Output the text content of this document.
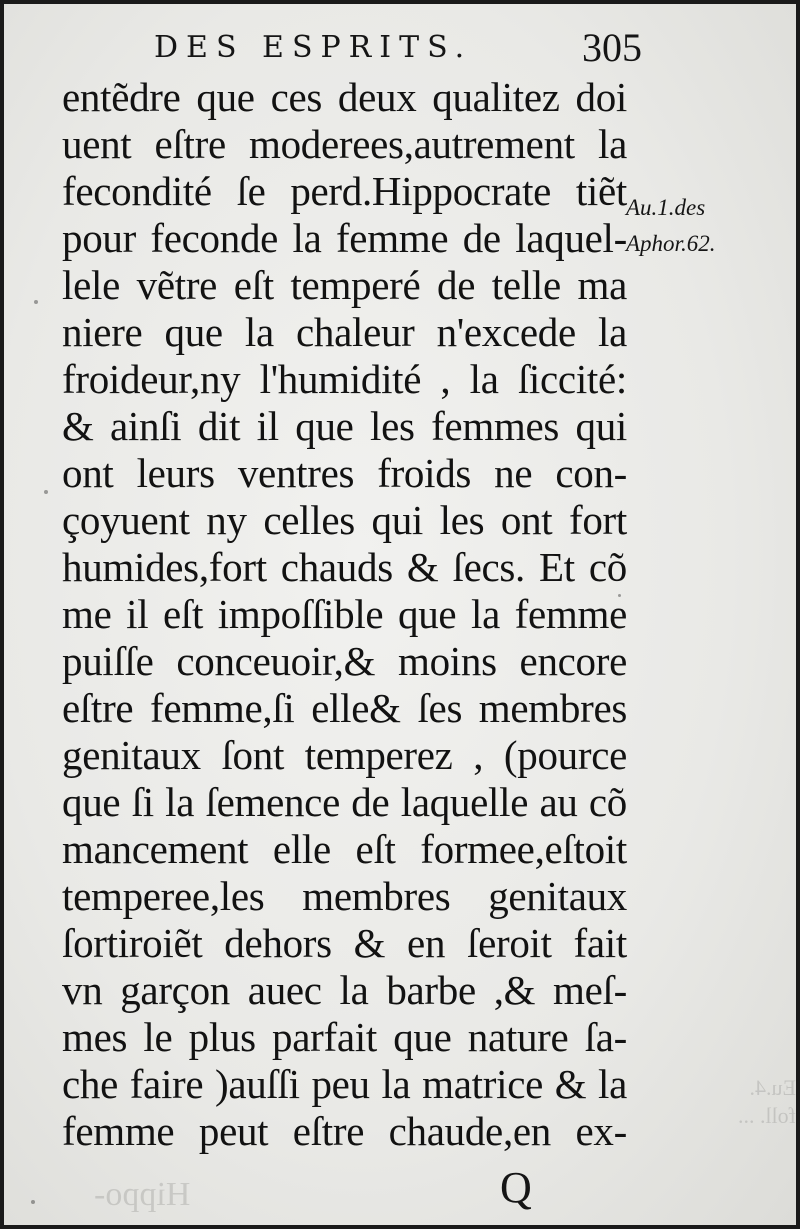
Hippo-
Eu.4. foll. ...
DES ESPRITS.	305
entẽdre que ces deux qualitez doi
uent eſtre moderees,autrement la
fecondité ſe perd.Hippocrate tiẽt
pour feconde la femme de laquel-
lele vẽtre eſt temperé de telle ma
niere que la chaleur n'excede la
froideur,ny l'humidité , la ſiccité:
& ainſi dit il que les femmes qui
ont leurs ventres froids ne con-
çoyuent ny celles qui les ont fort
humides,fort chauds & ſecs. Et cõ
me il eſt impoſſible que la femme
puiſſe conceuoir,& moins encore
eſtre femme,ſi elle& ſes membres
genitaux ſont temperez , (pource
que ſi la ſemence de laquelle au cõ
mancement elle eſt formee,eſtoit
temperee,les membres genitaux
ſortiroiẽt dehors & en ſeroit fait
vn garçon auec la barbe ,& meſ-
mes le plus parfait que nature ſa-
che faire )auſſi peu la matrice & la
femme peut eſtre chaude,en ex-
Au.1.des
Aphor.62.
Q
